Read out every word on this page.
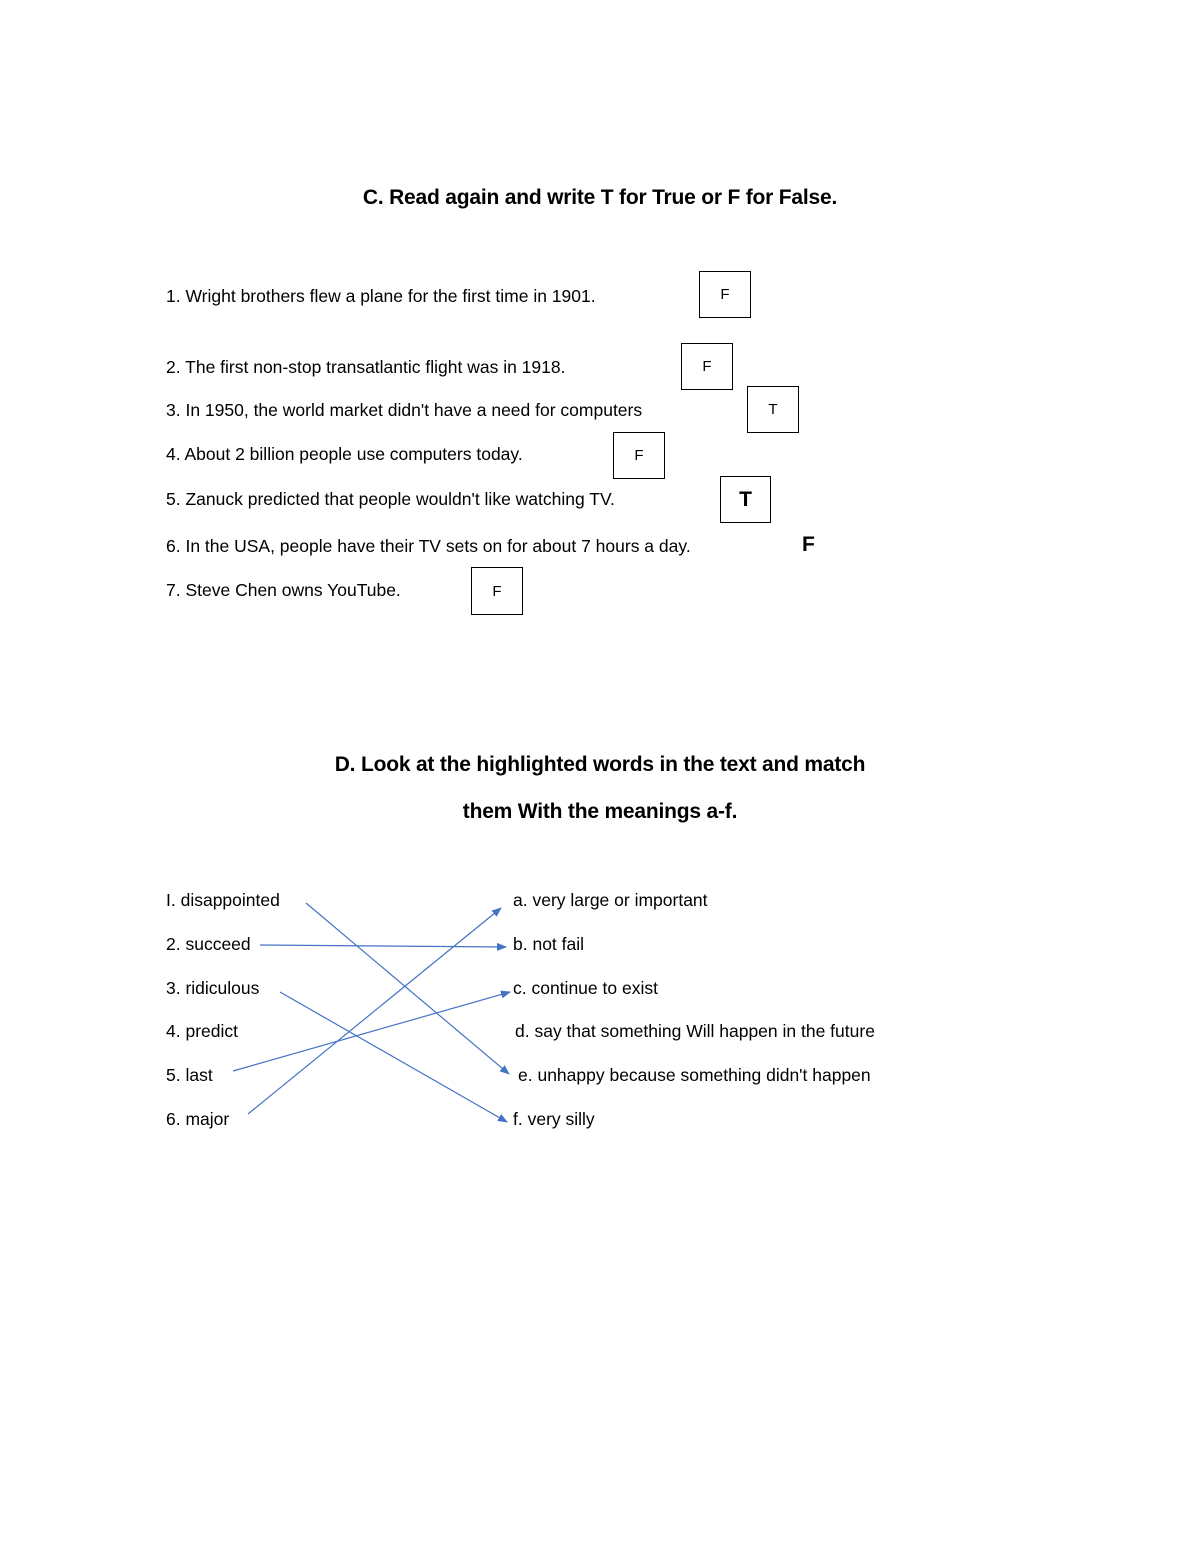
C. Read again and write T for True or F for False.
1. Wright brothers flew a plane for the first time in 1901.	F
2. The first non-stop transatlantic flight was in 1918.	F
3. In 1950, the world market didn't have a need for computers	T
4. About 2 billion people use computers today.	F
5. Zanuck predicted that people wouldn't like watching TV.	T
6. In the USA, people have their TV sets on for about 7 hours a day.	F
7. Steve Chen owns YouTube.	F
D. Look at the highlighted words in the text and match
them With the meanings a-f.
I. disappointed
2. succeed
3. ridiculous
4. predict
5. last
6. major
a. very large or important
b. not fail
c. continue to exist
d. say that something Will happen in the future
e. unhappy because something didn't happen
f. very silly
